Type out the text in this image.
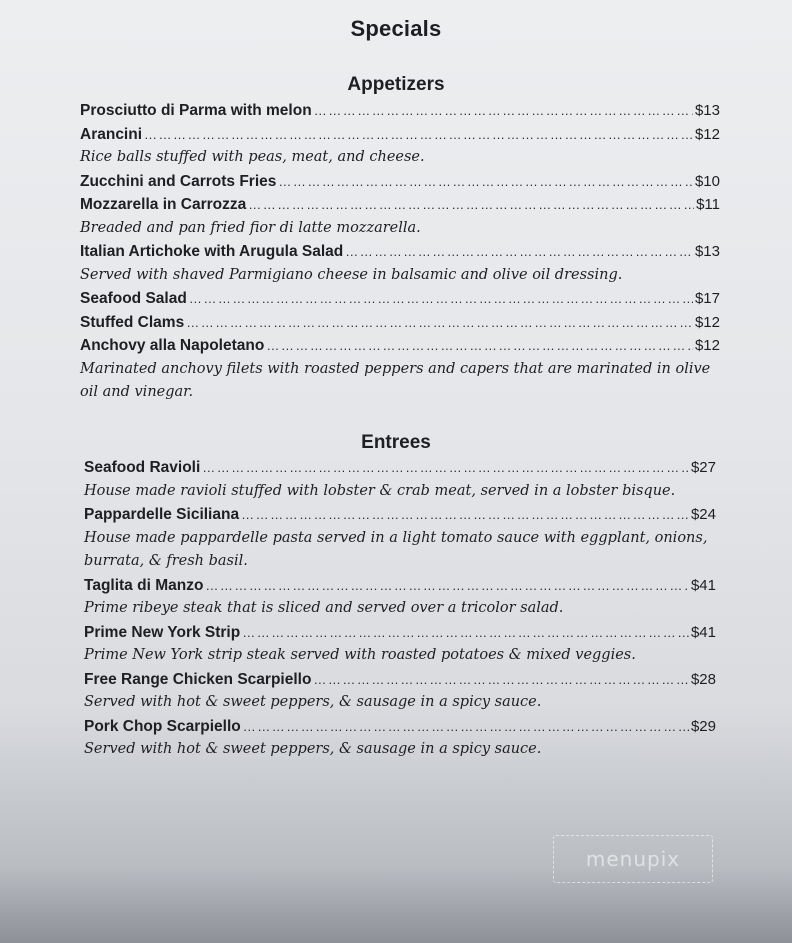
Specials
Appetizers
Prosciutto di Parma with melon ……………………………………………………………………………………………………………………………………………………………………………………………	$13
Arancini ……………………………………………………………………………………………………………………………………………………………………………………………	$12
Rice balls stuffed with peas, meat, and cheese.
Zucchini and Carrots Fries ……………………………………………………………………………………………………………………………………………………………………………………………	$10
Mozzarella in Carrozza ……………………………………………………………………………………………………………………………………………………………………………………………	$11
Breaded and pan fried fior di latte mozzarella.
Italian Artichoke with Arugula Salad ……………………………………………………………………………………………………………………………………………………………………………………………	$13
Served with shaved Parmigiano cheese in balsamic and olive oil dressing.
Seafood Salad ……………………………………………………………………………………………………………………………………………………………………………………………	$17
Stuffed Clams ……………………………………………………………………………………………………………………………………………………………………………………………	$12
Anchovy alla Napoletano ……………………………………………………………………………………………………………………………………………………………………………………………	$12
Marinated anchovy filets with roasted peppers and capers that are marinated in olive oil and vinegar.
Entrees
Seafood Ravioli ……………………………………………………………………………………………………………………………………………………………………………………………	$27
House made ravioli stuffed with lobster & crab meat, served in a lobster bisque.
Pappardelle Siciliana ……………………………………………………………………………………………………………………………………………………………………………………………	$24
House made pappardelle pasta served in a light tomato sauce with eggplant, onions, burrata, & fresh basil.
Taglita di Manzo ……………………………………………………………………………………………………………………………………………………………………………………………	$41
Prime ribeye steak that is sliced and served over a tricolor salad.
Prime New York Strip ……………………………………………………………………………………………………………………………………………………………………………………………	$41
Prime New York strip steak served with roasted potatoes & mixed veggies.
Free Range Chicken Scarpiello ……………………………………………………………………………………………………………………………………………………………………………………………	$28
Served with hot & sweet peppers, & sausage in a spicy sauce.
Pork Chop Scarpiello ……………………………………………………………………………………………………………………………………………………………………………………………	$29
Served with hot & sweet peppers, & sausage in a spicy sauce.
menupix
